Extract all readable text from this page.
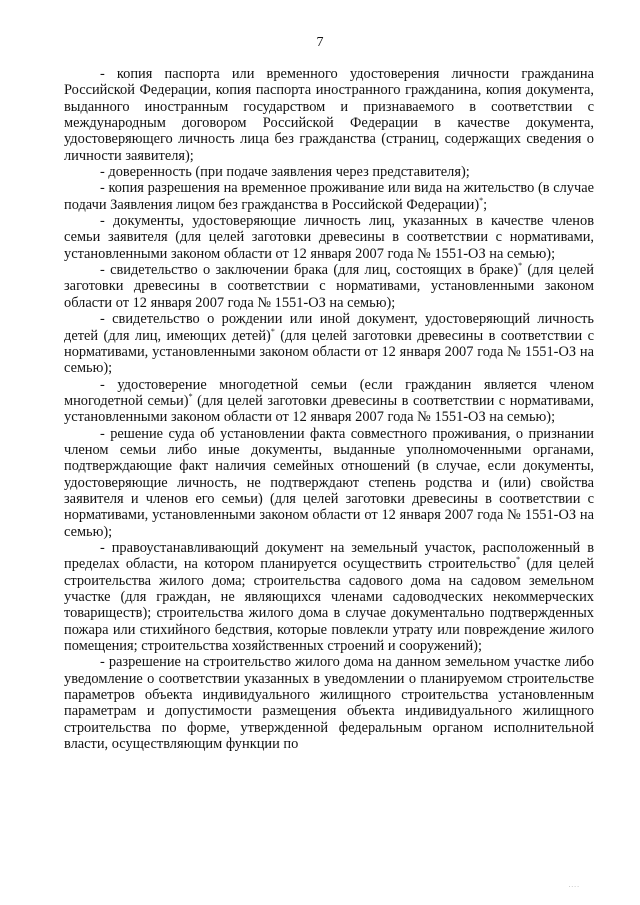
7

- копия паспорта или временного удостоверения личности гражданина Российской Федерации, копия паспорта иностранного гражданина, копия документа, выданного иностранным государством и признаваемого в соответствии с международным договором Российской Федерации в качестве документа, удостоверяющего личность лица без гражданства (страниц, содержащих сведения о личности заявителя);

- доверенность (при подаче заявления через представителя);

- копия разрешения на временное проживание или вида на жительство (в случае подачи Заявления лицом без гражданства в Российской Федерации)*;

- документы, удостоверяющие личность лиц, указанных в качестве членов семьи заявителя (для целей заготовки древесины в соответствии с нормативами, установленными законом области от 12 января 2007 года № 1551-ОЗ на семью);

- свидетельство о заключении брака (для лиц, состоящих в браке)* (для целей заготовки древесины в соответствии с нормативами, установленными законом области от 12 января 2007 года № 1551-ОЗ на семью);

- свидетельство о рождении или иной документ, удостоверяющий личность детей (для лиц, имеющих детей)* (для целей заготовки древесины в соответствии с нормативами, установленными законом области от 12 января 2007 года № 1551-ОЗ на семью);

- удостоверение многодетной семьи (если гражданин является членом многодетной семьи)* (для целей заготовки древесины в соответствии с нормативами, установленными законом области от 12 января 2007 года № 1551-ОЗ на семью);

- решение суда об установлении факта совместного проживания, о признании членом семьи либо иные документы, выданные уполномоченными органами, подтверждающие факт наличия семейных отношений (в случае, если документы, удостоверяющие личность, не подтверждают степень родства и (или) свойства заявителя и членов его семьи) (для целей заготовки древесины в соответствии с нормативами, установленными законом области от 12 января 2007 года № 1551-ОЗ на семью);

- правоустанавливающий документ на земельный участок, расположенный в пределах области, на котором планируется осуществить строительство* (для целей строительства жилого дома; строительства садового дома на садовом земельном участке (для граждан, не являющихся членами садоводческих некоммерческих товариществ); строительства жилого дома в случае документально подтвержденных пожара или стихийного бедствия, которые повлекли утрату или повреждение жилого помещения; строительства хозяйственных строений и сооружений);

- разрешение на строительство жилого дома на данном земельном участке либо уведомление о соответствии указанных в уведомлении о планируемом строительстве параметров объекта индивидуального жилищного строительства установленным параметрам и допустимости размещения объекта индивидуального жилищного строительства по форме, утвержденной федеральным органом исполнительной власти, осуществляющим функции по

····
